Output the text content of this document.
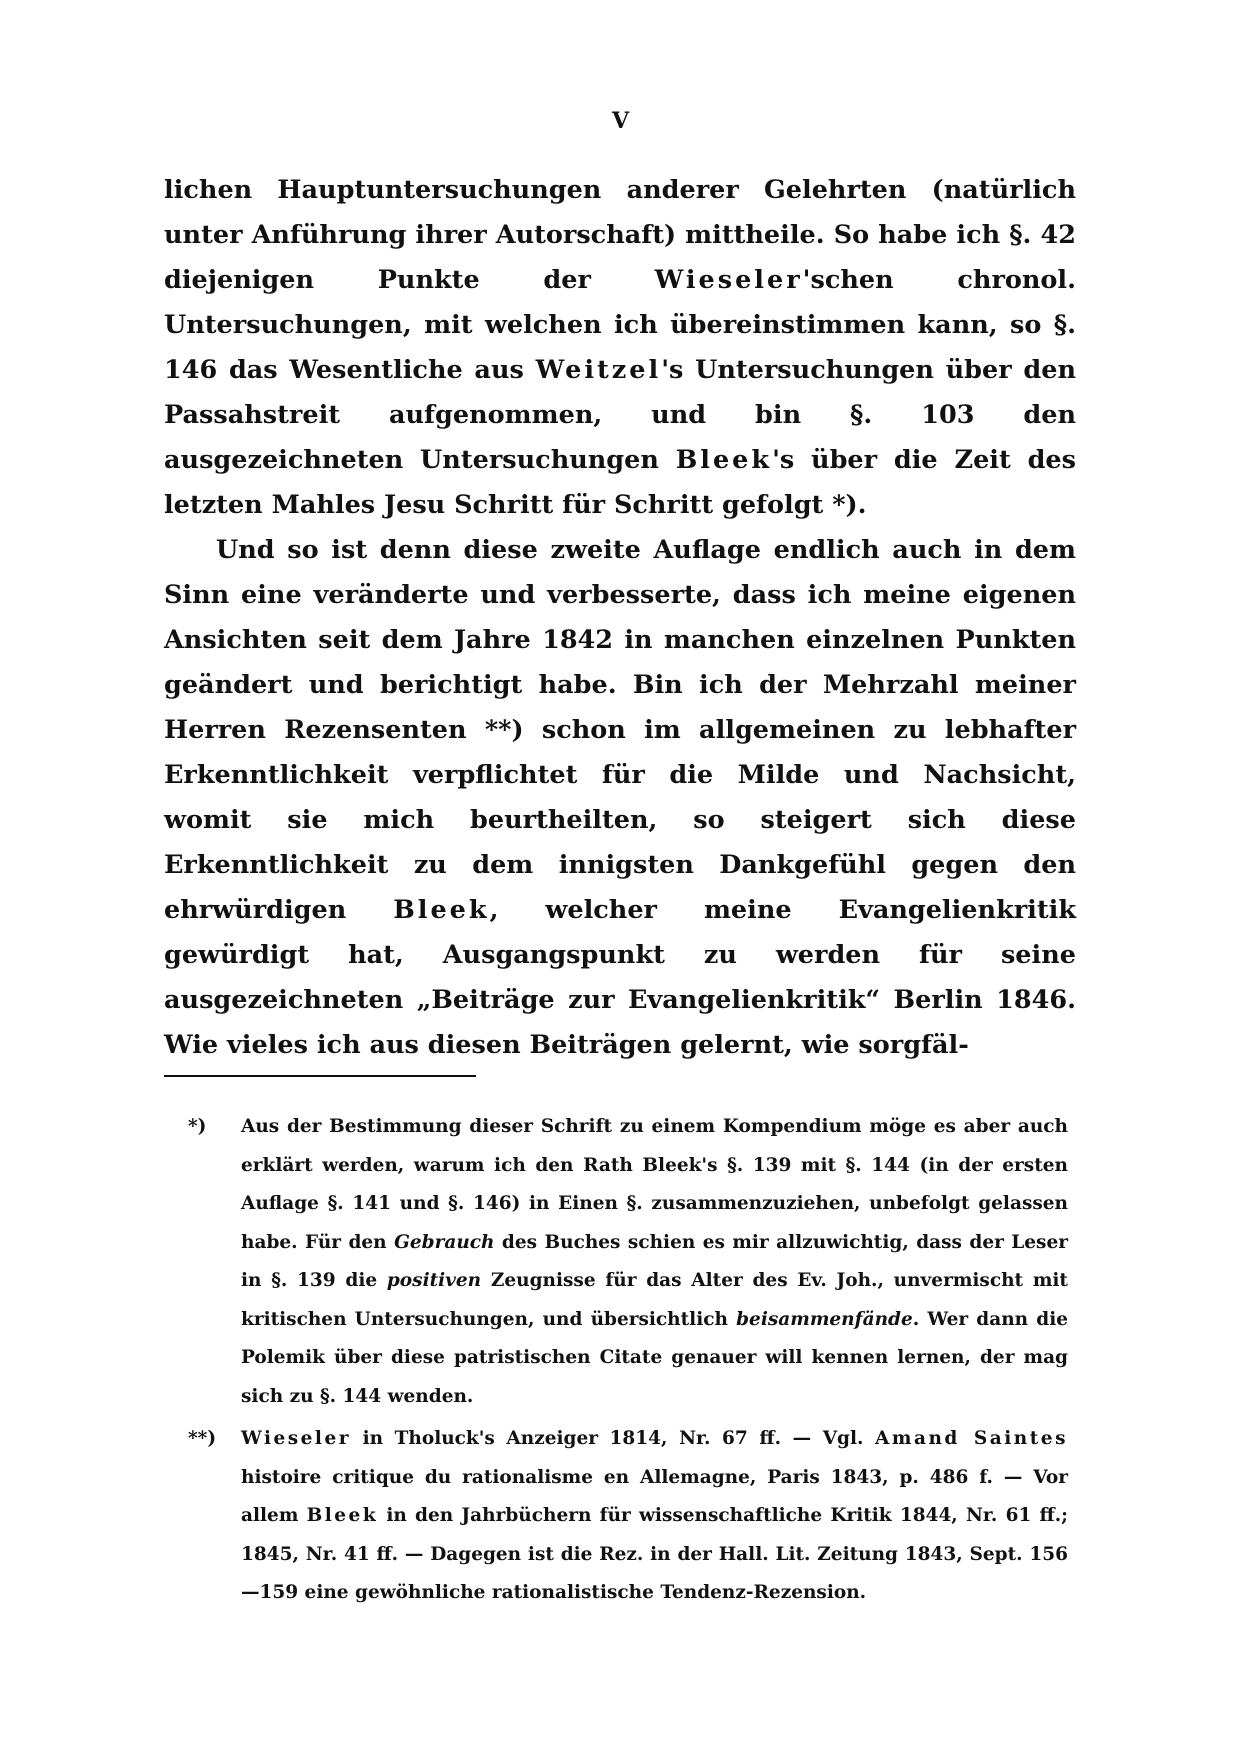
V

lichen Hauptuntersuchungen anderer Gelehrten (natürlich unter Anführung ihrer Autorschaft) mittheile. So habe ich §. 42 diejenigen Punkte der Wieseler'schen chronol. Untersuchungen, mit welchen ich übereinstimmen kann, so §. 146 das Wesentliche aus Weitzel's Untersuchungen über den Passahstreit aufgenommen, und bin §. 103 den ausgezeichneten Untersuchungen Bleek's über die Zeit des letzten Mahles Jesu Schritt für Schritt gefolgt *).

Und so ist denn diese zweite Auflage endlich auch in dem Sinn eine veränderte und verbesserte, dass ich meine eigenen Ansichten seit dem Jahre 1842 in manchen einzelnen Punkten geändert und berichtigt habe. Bin ich der Mehrzahl meiner Herren Rezensenten **) schon im allgemeinen zu lebhafter Erkenntlichkeit verpflichtet für die Milde und Nachsicht, womit sie mich beurtheilten, so steigert sich diese Erkenntlichkeit zu dem innigsten Dankgefühl gegen den ehrwürdigen Bleek, welcher meine Evangelienkritik gewürdigt hat, Ausgangspunkt zu werden für seine ausgezeichneten „Beiträge zur Evangelienkritik“ Berlin 1846. Wie vieles ich aus diesen Beiträgen gelernt, wie sorgfäl-

*) Aus der Bestimmung dieser Schrift zu einem Kompendium möge es aber auch erklärt werden, warum ich den Rath Bleek's §. 139 mit §. 144 (in der ersten Auflage §. 141 und §. 146) in Einen §. zusammenzuziehen, unbefolgt gelassen habe. Für den Gebrauch des Buches schien es mir allzuwichtig, dass der Leser in §. 139 die positiven Zeugnisse für das Alter des Ev. Joh., unvermischt mit kritischen Untersuchungen, und übersichtlich beisammenfände. Wer dann die Polemik über diese patristischen Citate genauer will kennen lernen, der mag sich zu §. 144 wenden.
**) Wieseler in Tholuck's Anzeiger 1814, Nr. 67 ff. — Vgl. Amand Saintes histoire critique du rationalisme en Allemagne, Paris 1843, p. 486 f. — Vor allem Bleek in den Jahrbüchern für wissenschaftliche Kritik 1844, Nr. 61 ff.; 1845, Nr. 41 ff. — Dagegen ist die Rez. in der Hall. Lit. Zeitung 1843, Sept. 156—159 eine gewöhnliche rationalistische Tendenz-Rezension.
